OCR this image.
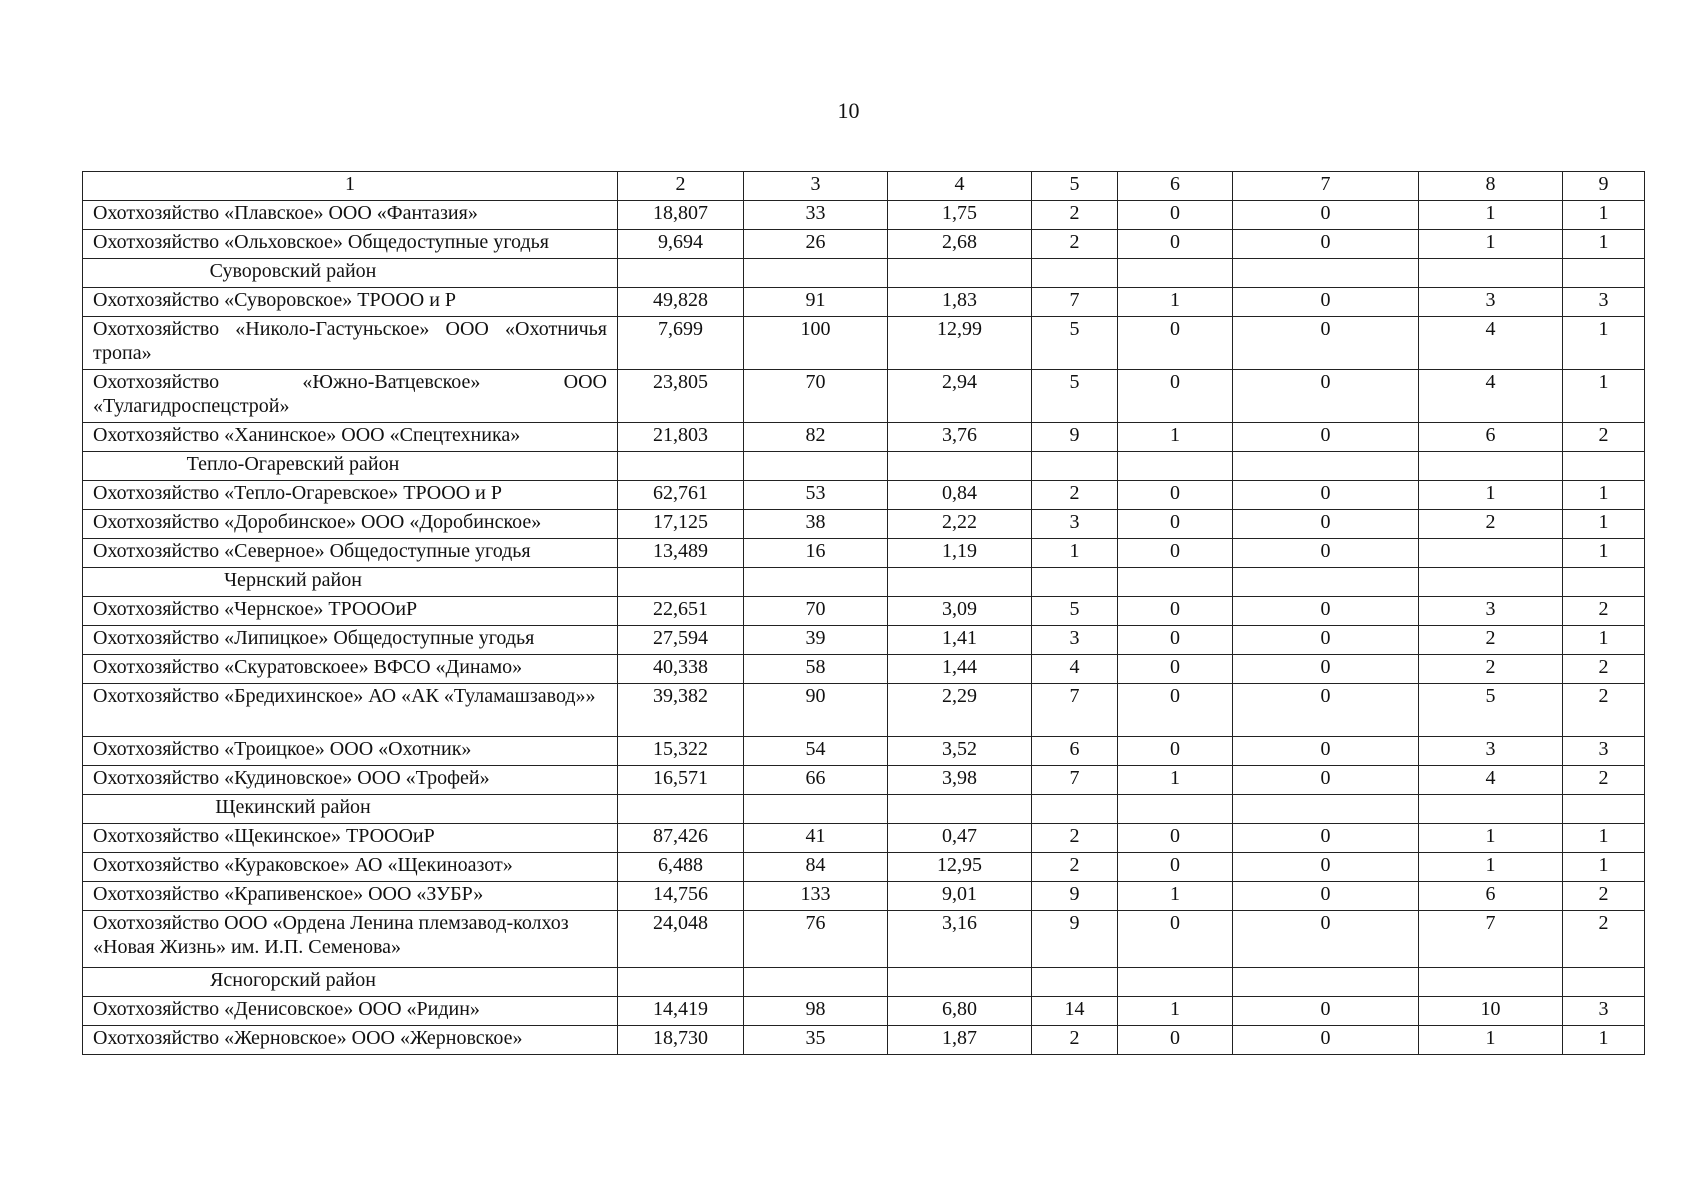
10
1	2	3	4	5	6	7	8	9
Охотхозяйство «Плавское» ООО «Фантазия»	18,807	33	1,75	2	0	0	1	1
Охотхозяйство «Ольховское» Общедоступные угодья	9,694	26	2,68	2	0	0	1	1
Суворовский район								
Охотхозяйство «Суворовское» ТРООО и Р	49,828	91	1,83	7	1	0	3	3
Охотхозяйство «Николо-Гастуньское» ООО «Охотничья тропа»	7,699	100	12,99	5	0	0	4	1
Охотхозяйство «Южно-Ватцевское» ООО «Тулагидроспецстрой»	23,805	70	2,94	5	0	0	4	1
Охотхозяйство «Ханинское» ООО «Спецтехника»	21,803	82	3,76	9	1	0	6	2
Тепло-Огаревский район								
Охотхозяйство «Тепло-Огаревское» ТРООО и Р	62,761	53	0,84	2	0	0	1	1
Охотхозяйство «Доробинское» ООО «Доробинское»	17,125	38	2,22	3	0	0	2	1
Охотхозяйство «Северное» Общедоступные угодья	13,489	16	1,19	1	0	0		1
Чернский район								
Охотхозяйство «Чернское» ТРОООиР	22,651	70	3,09	5	0	0	3	2
Охотхозяйство «Липицкое» Общедоступные угодья	27,594	39	1,41	3	0	0	2	1
Охотхозяйство «Скуратовскоее» ВФСО «Динамо»	40,338	58	1,44	4	0	0	2	2
Охотхозяйство «Бредихинское» АО «АК «Туламашзавод»»	39,382	90	2,29	7	0	0	5	2
Охотхозяйство «Троицкое» ООО «Охотник»	15,322	54	3,52	6	0	0	3	3
Охотхозяйство «Кудиновское» ООО «Трофей»	16,571	66	3,98	7	1	0	4	2
Щекинский район								
Охотхозяйство «Щекинское» ТРОООиР	87,426	41	0,47	2	0	0	1	1
Охотхозяйство «Кураковское» АО «Щекиноазот»	6,488	84	12,95	2	0	0	1	1
Охотхозяйство «Крапивенское» ООО «ЗУБР»	14,756	133	9,01	9	1	0	6	2
Охотхозяйство ООО «Ордена Ленина племзавод-колхоз «Новая Жизнь» им. И.П. Семенова»	24,048	76	3,16	9	0	0	7	2
Ясногорский район								
Охотхозяйство «Денисовское» ООО «Ридин»	14,419	98	6,80	14	1	0	10	3
Охотхозяйство «Жерновское» ООО «Жерновское»	18,730	35	1,87	2	0	0	1	1
